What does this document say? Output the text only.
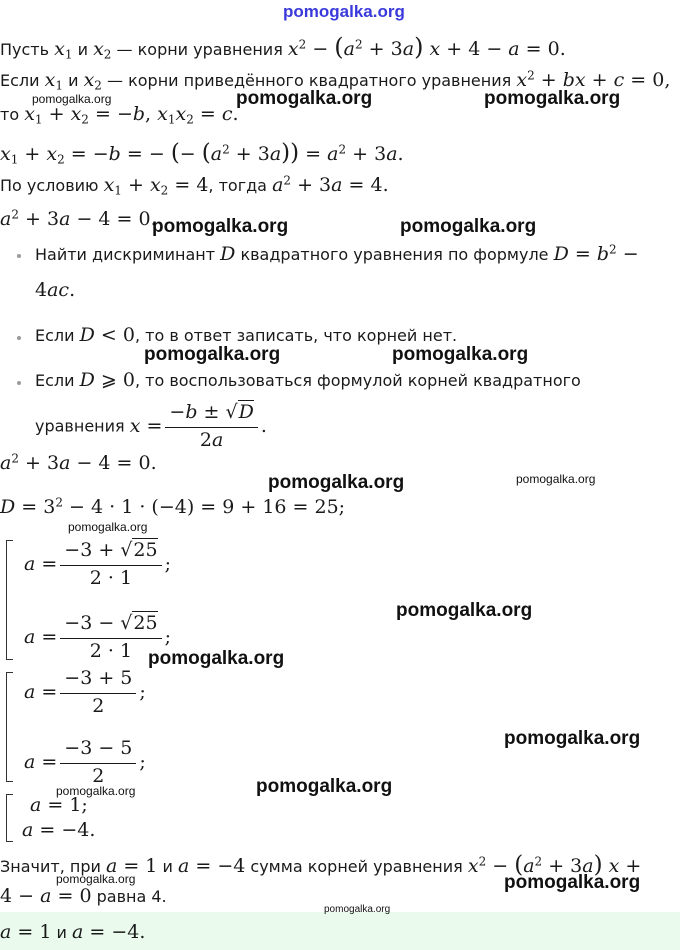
pomogalka.org
Пусть $x_1$ и $x_2$ — корни уравнения $x^2 - (a^2 + 3a) x + 4 - a = 0$.
Если $x_1$ и $x_2$ — корни приведённого квадратного уравнения $x^2$ + bx + c = 0,
то $x_1 + x_2 = -b$, $x_1x_2 = c$.
$x_1 + x_2 = -b$ = − (− $(a^2 + 3a)) = a^2 + 3a$.
По условию $x_1 + x_2 = 4$, тогда $a^2 + 3a = 4$.
$a^2 + 3a - 4 = 0$.
Найти дискриминант D квадратного уравнения по формуле $D = b^2$ −
4ac.
Если D < 0, то в ответ записать, что корней нет.
Если D ⩾ 0, то воспользоваться формулой корней квадратного
уравнения $x = \frac{-b \pm √D}{2a}$ .
$a^2 + 3a - 4 = 0$.
$D = 3^2 - 4 \cdot 1 \cdot (-4) = 9 + 16 = 25$;
$a = \frac{-3 + √25}{2 \cdot 1}$ ;
$a = \frac{-3 - √25}{2 \cdot 1}$ ;
$a = \frac{-3 + 5}{2}$ ;
$a = \frac{-3 - 5}{2}$ ;
a = 1;
a = −4.
Значит, при a = 1 и a = −4 сумма корней уравнения $x^2 - (a^2 + 3a) x$ +
4 − a = 0 равна 4.
a = 1 и a = −4.
pomogalka.org	pomogalka.org	pomogalka.org
pomogalka.org	pomogalka.org
pomogalka.org	pomogalka.org
pomogalka.org	pomogalka.org
pomogalka.org
pomogalka.org
pomogalka.org
pomogalka.org
pomogalka.org	pomogalka.org
pomogalka.org	pomogalka.org
pomogalka.org
